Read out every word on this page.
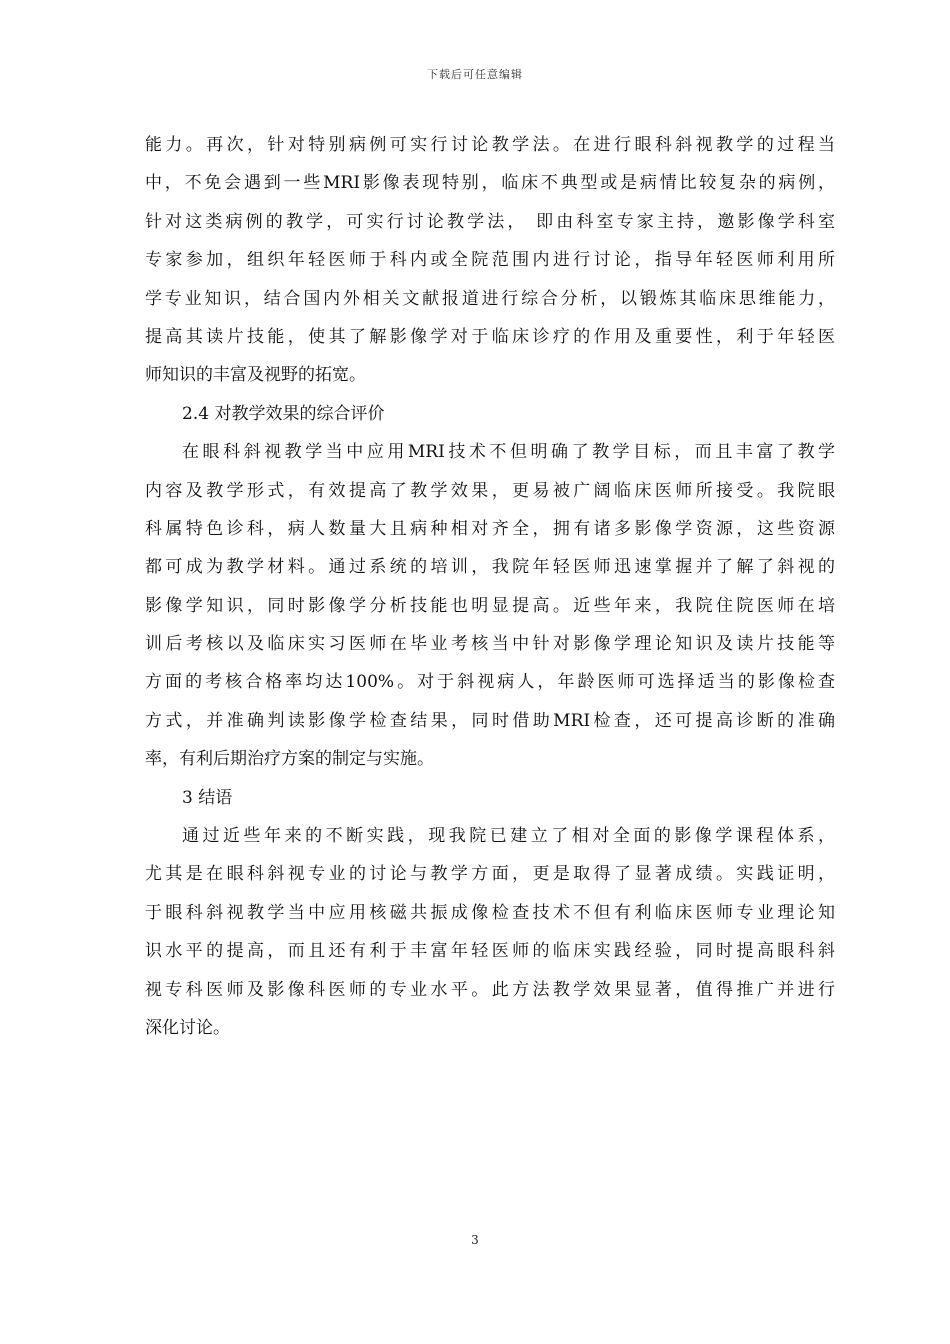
下载后可任意编辑
能力。再次，针对特别病例可实行讨论教学法。在进行眼科斜视教学的过程当
中，不免会遇到一些MRI影像表现特别，临床不典型或是病情比较复杂的病例，
针对这类病例的教学，可实行讨论教学法， 即由科室专家主持，邀影像学科室
专家参加，组织年轻医师于科内或全院范围内进行讨论，指导年轻医师利用所
学专业知识，结合国内外相关文献报道进行综合分析，以锻炼其临床思维能力，
提高其读片技能，使其了解影像学对于临床诊疗的作用及重要性，利于年轻医
师知识的丰富及视野的拓宽。
2.4 对教学效果的综合评价
在眼科斜视教学当中应用MRI技术不但明确了教学目标，而且丰富了教学
内容及教学形式，有效提高了教学效果，更易被广阔临床医师所接受。我院眼
科属特色诊科，病人数量大且病种相对齐全，拥有诸多影像学资源，这些资源
都可成为教学材料。通过系统的培训，我院年轻医师迅速掌握并了解了斜视的
影像学知识，同时影像学分析技能也明显提高。近些年来，我院住院医师在培
训后考核以及临床实习医师在毕业考核当中针对影像学理论知识及读片技能等
方面的考核合格率均达100%。对于斜视病人，年龄医师可选择适当的影像检查
方式，并准确判读影像学检查结果，同时借助MRI检查，还可提高诊断的准确
率，有利后期治疗方案的制定与实施。
3 结语
通过近些年来的不断实践，现我院已建立了相对全面的影像学课程体系，
尤其是在眼科斜视专业的讨论与教学方面，更是取得了显著成绩。实践证明，
于眼科斜视教学当中应用核磁共振成像检查技术不但有利临床医师专业理论知
识水平的提高，而且还有利于丰富年轻医师的临床实践经验，同时提高眼科斜
视专科医师及影像科医师的专业水平。此方法教学效果显著，值得推广并进行
深化讨论。
3
